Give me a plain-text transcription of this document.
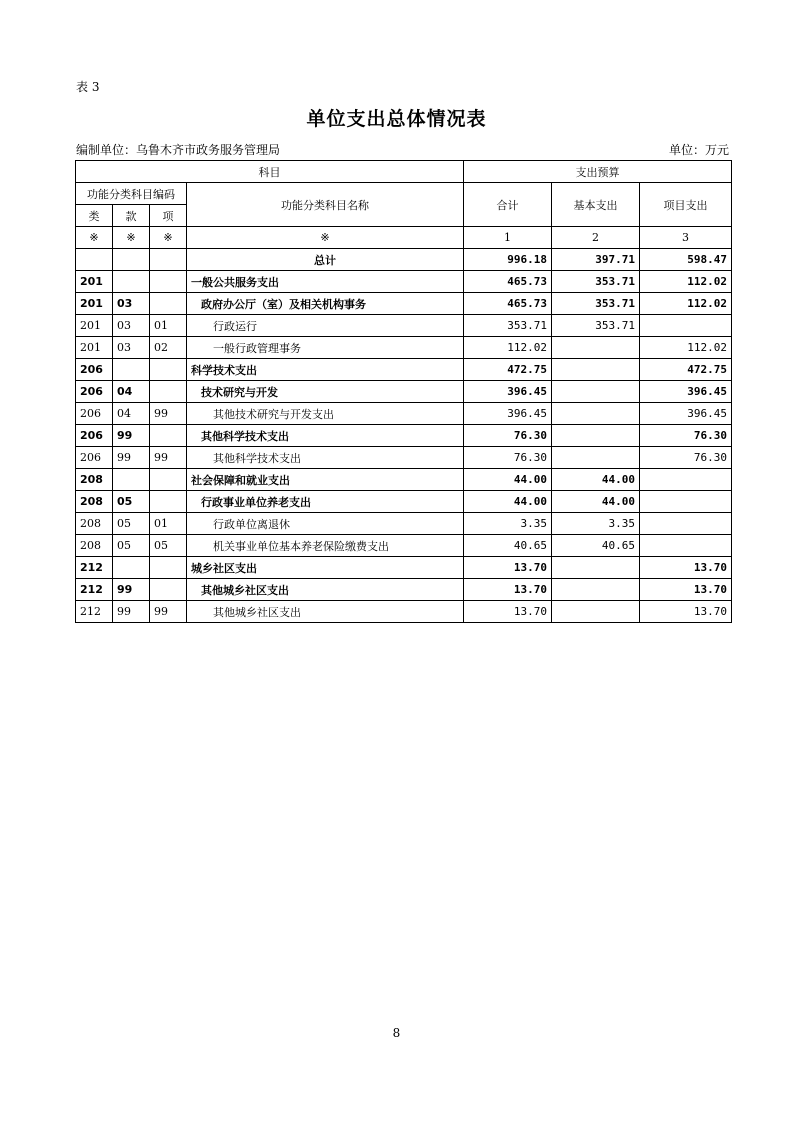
表 3
单位支出总体情况表
编制单位：乌鲁木齐市政务服务管理局	单位：万元
科目				支出预算		
功能分类科目编码			功能分类科目名称	合计	基本支出	项目支出
类	款	项				
※	※	※	※	1	2	3
			总计	996.18	397.71	598.47
201			一般公共服务支出	465.73	353.71	112.02
201	03		政府办公厅（室）及相关机构事务	465.73	353.71	112.02
201	03	01	行政运行	353.71	353.71	
201	03	02	一般行政管理事务	112.02		112.02
206			科学技术支出	472.75		472.75
206	04		技术研究与开发	396.45		396.45
206	04	99	其他技术研究与开发支出	396.45		396.45
206	99		其他科学技术支出	76.30		76.30
206	99	99	其他科学技术支出	76.30		76.30
208			社会保障和就业支出	44.00	44.00	
208	05		行政事业单位养老支出	44.00	44.00	
208	05	01	行政单位离退休	3.35	3.35	
208	05	05	机关事业单位基本养老保险缴费支出	40.65	40.65	
212			城乡社区支出	13.70		13.70
212	99		其他城乡社区支出	13.70		13.70
212	99	99	其他城乡社区支出	13.70		13.70
8
